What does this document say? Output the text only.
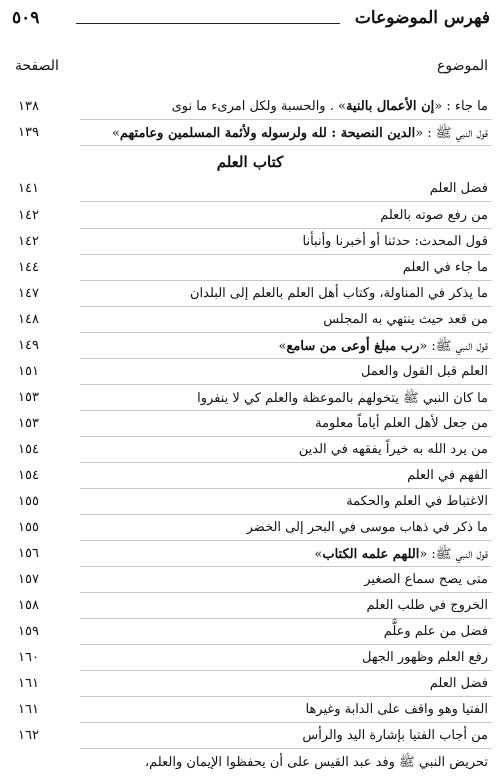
فهرس الموضوعات
٥٠٩
الموضوع
الصفحة
كتاب العلم
ما جاء : «إن الأعمال بالنية» . والحسبة ولكل امرىء ما نوى
١٣٨
قول النبي ﷺ : «الدين النصيحة : لله ولرسوله ولأئمة المسلمين وعامتهم»
١٣٩
فضل العلم
١٤١
من رفع صوته بالعلم
١٤٢
قول المحدث: حدثنا أو أخبرنا وأنبأنا
١٤٢
ما جاء في العلم
١٤٤
ما يذكر في المناولة، وكتاب أهل العلم بالعلم إلى البلدان
١٤٧
من قعد حيث ينتهي به المجلس
١٤٨
قول النبي ﷺ: «رب مبلغ أوعى من سامع»
١٤٩
العلم قبل القول والعمل
١٥١
ما كان النبي ﷺ يتخولهم بالموعظة والعلم كي لا ينفروا
١٥٣
من جعل لأهل العلم أياماً معلومة
١٥٣
من يرد الله به خيراً يفقهه في الدين
١٥٤
الفهم في العلم
١٥٤
الاغتباط في العلم والحكمة
١٥٥
ما ذكر في ذهاب موسى في البحر إلى الخضر
١٥٥
قول النبي ﷺ: «اللهم علمه الكتاب»
١٥٦
متى يصح سماع الصغير
١٥٧
الخروج في طلب العلم
١٥٨
فضل من علم وعلَّم
١٥٩
رفع العلم وظهور الجهل
١٦٠
فضل العلم
١٦١
الفتيا وهو واقف على الدابة وغيرها
١٦١
من أجاب الفتيا بإشارة اليد والرأس
١٦٢
تحريض النبي ﷺ وفد عبد القيس على أن يحفظوا الإيمان والعلم،
